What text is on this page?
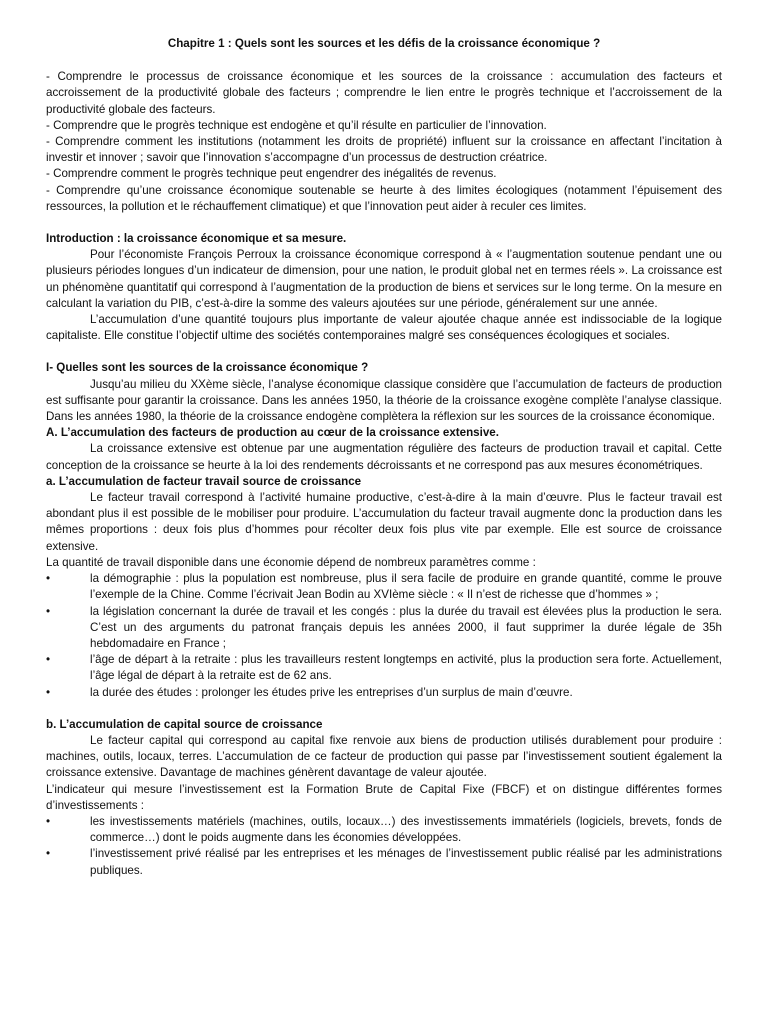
Chapitre 1 : Quels sont les sources et les défis de la croissance économique ?

- Comprendre le processus de croissance économique et les sources de la croissance : accumulation des facteurs et accroissement de la productivité globale des facteurs ; comprendre le lien entre le progrès technique et l’accroissement de la productivité globale des facteurs.

- Comprendre que le progrès technique est endogène et qu’il résulte en particulier de l’innovation.

- Comprendre comment les institutions (notamment les droits de propriété) influent sur la croissance en affectant l’incitation à investir et innover ; savoir que l’innovation s’accompagne d’un processus de destruction créatrice.

- Comprendre comment le progrès technique peut engendrer des inégalités de revenus.

- Comprendre qu’une croissance économique soutenable se heurte à des limites écologiques (notamment l’épuisement des ressources, la pollution et le réchauffement climatique) et que l’innovation peut aider à reculer ces limites.

Introduction : la croissance économique et sa mesure.

Pour l’économiste François Perroux la croissance économique correspond à « l’augmentation soutenue pendant une ou plusieurs périodes longues d’un indicateur de dimension, pour une nation, le produit global net en termes réels ». La croissance est un phénomène quantitatif qui correspond à l’augmentation de la production de biens et services sur le long terme. On la mesure en calculant la variation du PIB, c’est-à-dire la somme des valeurs ajoutées sur une période, généralement sur une année.

L’accumulation d’une quantité toujours plus importante de valeur ajoutée chaque année est indissociable de la logique capitaliste. Elle constitue l’objectif ultime des sociétés contemporaines malgré ses conséquences écologiques et sociales.

I- Quelles sont les sources de la croissance économique ?

Jusqu’au milieu du XXème siècle, l’analyse économique classique considère que l’accumulation de facteurs de production est suffisante pour garantir la croissance. Dans les années 1950, la théorie de la croissance exogène complète l’analyse classique. Dans les années 1980, la théorie de la croissance endogène complètera la réflexion sur les sources de la croissance économique.

A. L’accumulation des facteurs de production au cœur de la croissance extensive.

La croissance extensive est obtenue par une augmentation régulière des facteurs de production travail et capital. Cette conception de la croissance se heurte à la loi des rendements décroissants et ne correspond pas aux mesures économétriques.

a. L’accumulation de facteur travail source de croissance

Le facteur travail correspond à l’activité humaine productive, c’est-à-dire à la main d’œuvre. Plus le facteur travail est abondant plus il est possible de le mobiliser pour produire. L’accumulation du facteur travail augmente donc la production dans les mêmes proportions : deux fois plus d’hommes pour récolter deux fois plus vite par exemple. Elle est source de croissance extensive.

La quantité de travail disponible dans une économie dépend de nombreux paramètres comme :

•	la démographie : plus la population est nombreuse, plus il sera facile de produire en grande quantité, comme le prouve l’exemple de la Chine. Comme l’écrivait Jean Bodin au XVIème siècle : « Il n’est de richesse que d’hommes » ;
•	la législation concernant la durée de travail et les congés : plus la durée du travail est élevées plus la production le sera. C’est un des arguments du patronat français depuis les années 2000, il faut supprimer la durée légale de 35h hebdomadaire en France ;
•	l’âge de départ à la retraite : plus les travailleurs restent longtemps en activité, plus la production sera forte. Actuellement, l’âge légal de départ à la retraite est de 62 ans.
•	la durée des études : prolonger les études prive les entreprises d’un surplus de main d’œuvre.

b. L’accumulation de capital source de croissance

Le facteur capital qui correspond au capital fixe renvoie aux biens de production utilisés durablement pour produire : machines, outils, locaux, terres. L’accumulation de ce facteur de production qui passe par l’investissement soutient également la croissance extensive. Davantage de machines génèrent davantage de valeur ajoutée.

L’indicateur qui mesure l’investissement est la Formation Brute de Capital Fixe (FBCF) et on distingue différentes formes d’investissements :

•	les investissements matériels (machines, outils, locaux…) des investissements immatériels (logiciels, brevets, fonds de commerce…) dont le poids augmente dans les économies développées.
•	l’investissement privé réalisé par les entreprises et les ménages de l’investissement public réalisé par les administrations publiques.
